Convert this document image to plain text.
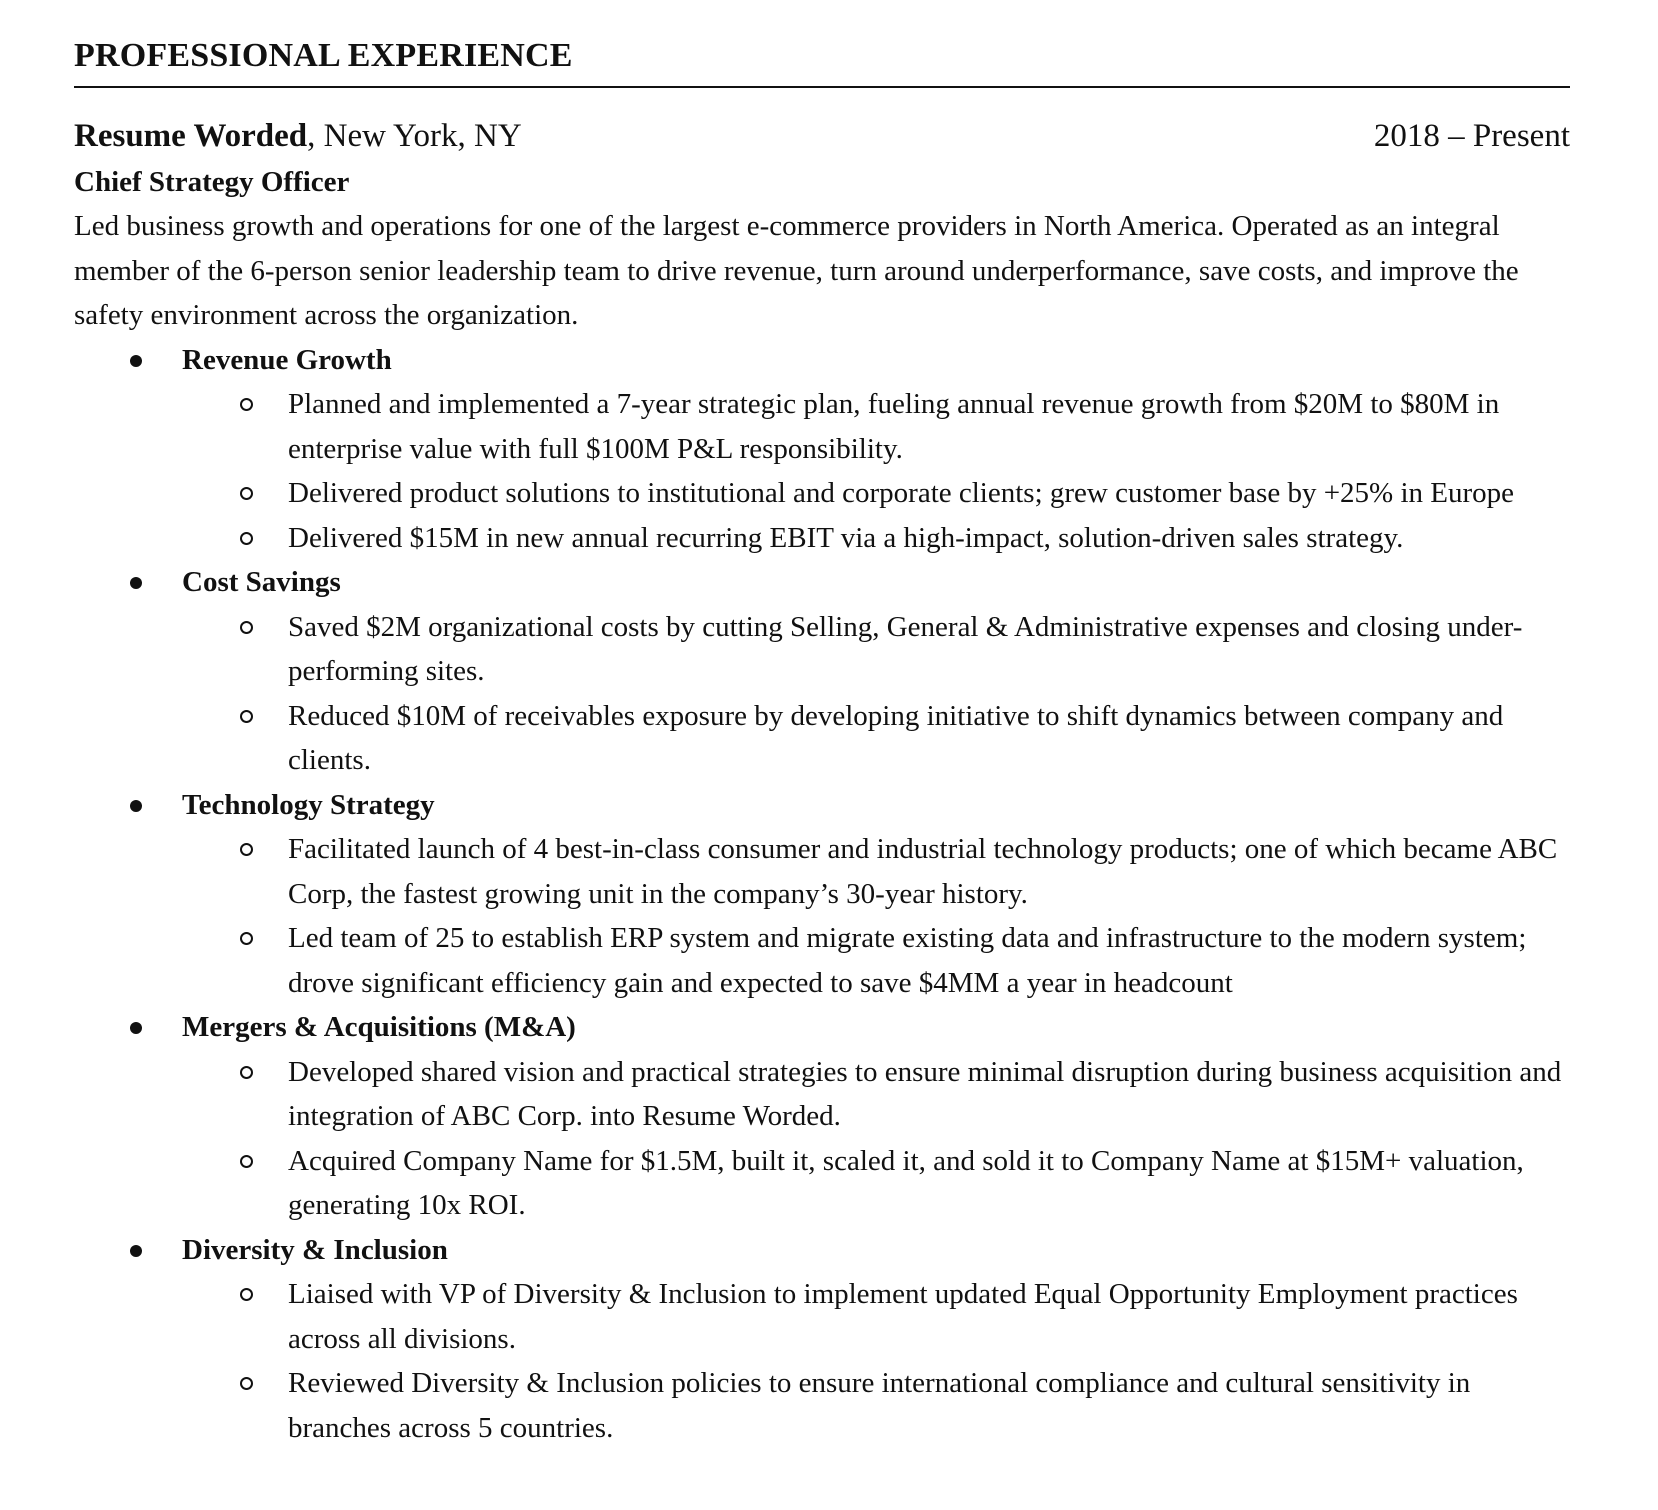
PROFESSIONAL EXPERIENCE
Resume Worded, New York, NY	2018 – Present
Chief Strategy Officer

Led business growth and operations for one of the largest e-commerce providers in North America. Operated as an integral member of the 6-person senior leadership team to drive revenue, turn around underperformance, save costs, and improve the safety environment across the organization.

Revenue Growth
Planned and implemented a 7-year strategic plan, fueling annual revenue growth from $20M to $80M in enterprise value with full $100M P&L responsibility.
Delivered product solutions to institutional and corporate clients; grew customer base by +25% in Europe
Delivered $15M in new annual recurring EBIT via a high-impact, solution-driven sales strategy.
Cost Savings
Saved $2M organizational costs by cutting Selling, General & Administrative expenses and closing under-performing sites.
Reduced $10M of receivables exposure by developing initiative to shift dynamics between company and clients.
Technology Strategy
Facilitated launch of 4 best-in-class consumer and industrial technology products; one of which became ABC Corp, the fastest growing unit in the company’s 30-year history.
Led team of 25 to establish ERP system and migrate existing data and infrastructure to the modern system; drove significant efficiency gain and expected to save $4MM a year in headcount
Mergers & Acquisitions (M&A)
Developed shared vision and practical strategies to ensure minimal disruption during business acquisition and integration of ABC Corp. into Resume Worded.
Acquired Company Name for $1.5M, built it, scaled it, and sold it to Company Name at $15M+ valuation, generating 10x ROI.
Diversity & Inclusion
Liaised with VP of Diversity & Inclusion to implement updated Equal Opportunity Employment practices across all divisions.
Reviewed Diversity & Inclusion policies to ensure international compliance and cultural sensitivity in branches across 5 countries.
